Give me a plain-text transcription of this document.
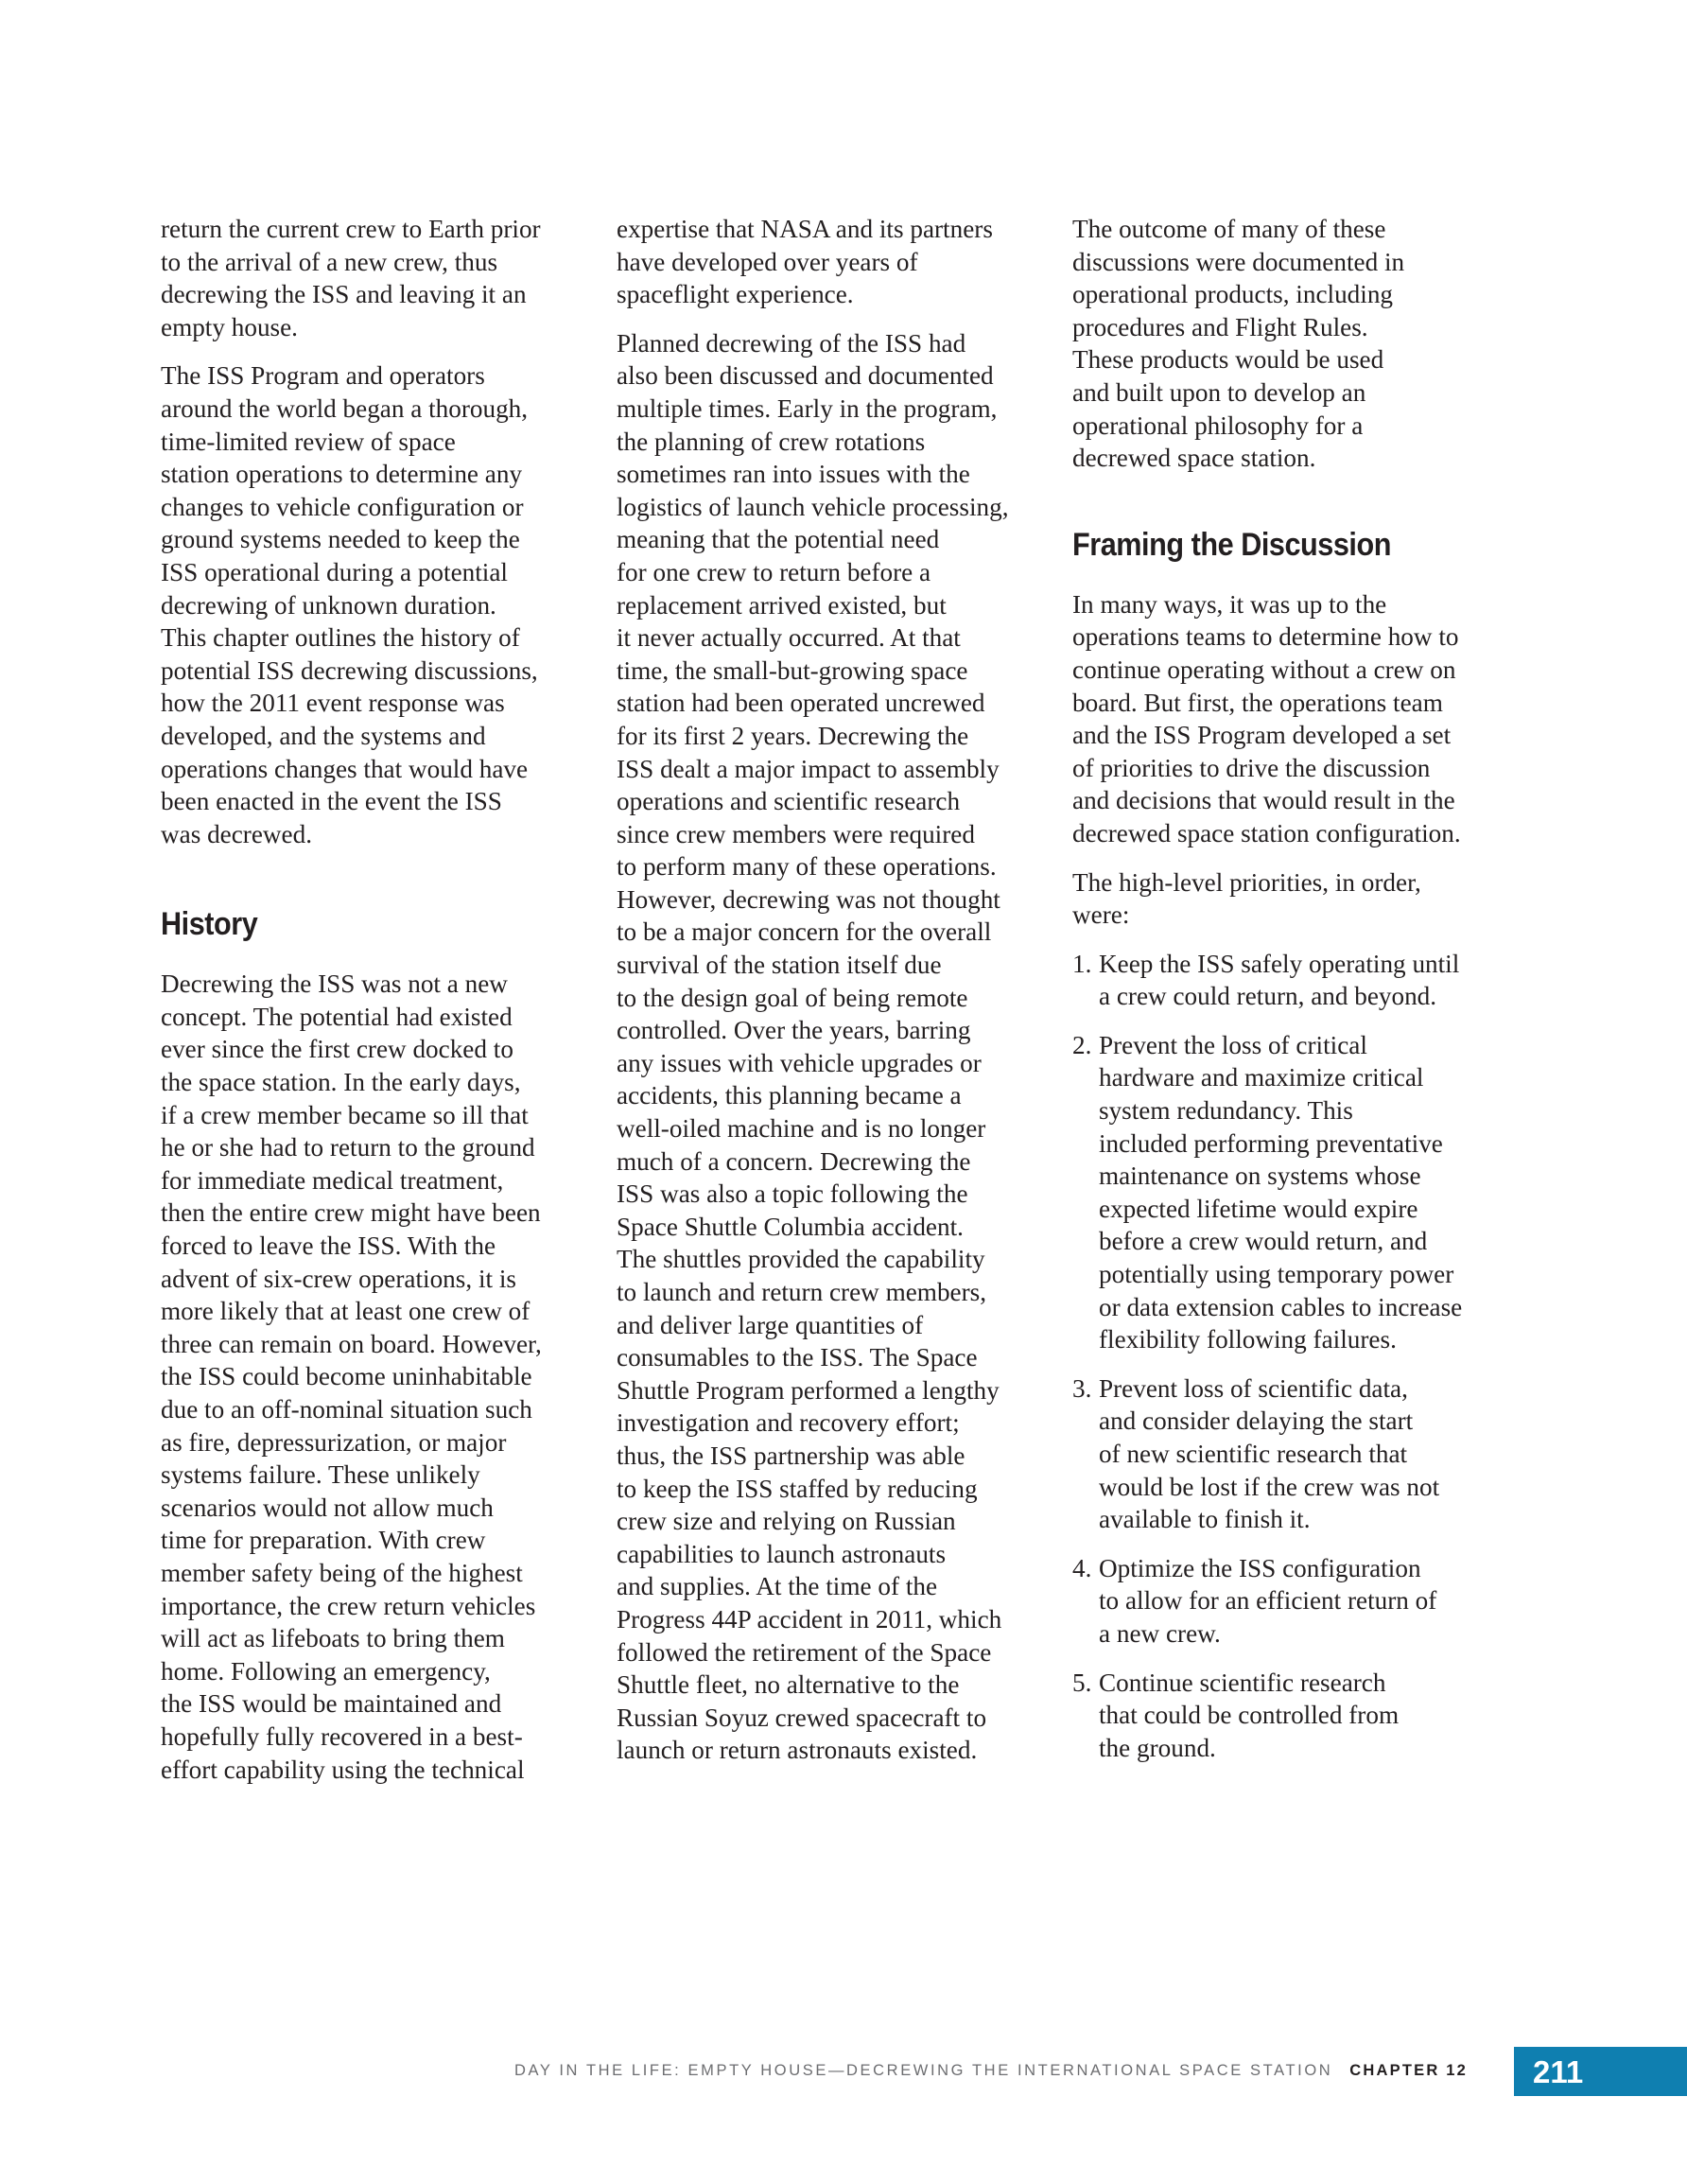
return the current crew to Earth prior
to the arrival of a new crew, thus
decrewing the ISS and leaving it an
empty house.

The ISS Program and operators
around the world began a thorough,
time-limited review of space
station operations to determine any
changes to vehicle configuration or
ground systems needed to keep the
ISS operational during a potential
decrewing of unknown duration.
This chapter outlines the history of
potential ISS decrewing discussions,
how the 2011 event response was
developed, and the systems and
operations changes that would have
been enacted in the event the ISS
was decrewed.

History

Decrewing the ISS was not a new
concept. The potential had existed
ever since the first crew docked to
the space station. In the early days,
if a crew member became so ill that
he or she had to return to the ground
for immediate medical treatment,
then the entire crew might have been
forced to leave the ISS. With the
advent of six-crew operations, it is
more likely that at least one crew of
three can remain on board. However,
the ISS could become uninhabitable
due to an off-nominal situation such
as fire, depressurization, or major
systems failure. These unlikely
scenarios would not allow much
time for preparation. With crew
member safety being of the highest
importance, the crew return vehicles
will act as lifeboats to bring them
home. Following an emergency,
the ISS would be maintained and
hopefully fully recovered in a best-
effort capability using the technical

expertise that NASA and its partners
have developed over years of
spaceflight experience.

Planned decrewing of the ISS had
also been discussed and documented
multiple times. Early in the program,
the planning of crew rotations
sometimes ran into issues with the
logistics of launch vehicle processing,
meaning that the potential need
for one crew to return before a
replacement arrived existed, but
it never actually occurred. At that
time, the small-but-growing space
station had been operated uncrewed
for its first 2 years. Decrewing the
ISS dealt a major impact to assembly
operations and scientific research
since crew members were required
to perform many of these operations.
However, decrewing was not thought
to be a major concern for the overall
survival of the station itself due
to the design goal of being remote
controlled. Over the years, barring
any issues with vehicle upgrades or
accidents, this planning became a
well-oiled machine and is no longer
much of a concern. Decrewing the
ISS was also a topic following the
Space Shuttle Columbia accident.
The shuttles provided the capability
to launch and return crew members,
and deliver large quantities of
consumables to the ISS. The Space
Shuttle Program performed a lengthy
investigation and recovery effort;
thus, the ISS partnership was able
to keep the ISS staffed by reducing
crew size and relying on Russian
capabilities to launch astronauts
and supplies. At the time of the
Progress 44P accident in 2011, which
followed the retirement of the Space
Shuttle fleet, no alternative to the
Russian Soyuz crewed spacecraft to
launch or return astronauts existed.

The outcome of many of these
discussions were documented in
operational products, including
procedures and Flight Rules.
These products would be used
and built upon to develop an
operational philosophy for a
decrewed space station.

Framing the Discussion

In many ways, it was up to the
operations teams to determine how to
continue operating without a crew on
board. But first, the operations team
and the ISS Program developed a set
of priorities to drive the discussion
and decisions that would result in the
decrewed space station configuration.

The high-level priorities, in order,
were:

1. Keep the ISS safely operating until
a crew could return, and beyond.
2. Prevent the loss of critical
hardware and maximize critical
system redundancy. This
included performing preventative
maintenance on systems whose
expected lifetime would expire
before a crew would return, and
potentially using temporary power
or data extension cables to increase
flexibility following failures.
3. Prevent loss of scientific data,
and consider delaying the start
of new scientific research that
would be lost if the crew was not
available to finish it.
4. Optimize the ISS configuration
to allow for an efficient return of
a new crew.
5. Continue scientific research
that could be controlled from
the ground.
DAY IN THE LIFE: EMPTY HOUSE—DECREWING THE INTERNATIONAL SPACE STATION CHAPTER 12 211
